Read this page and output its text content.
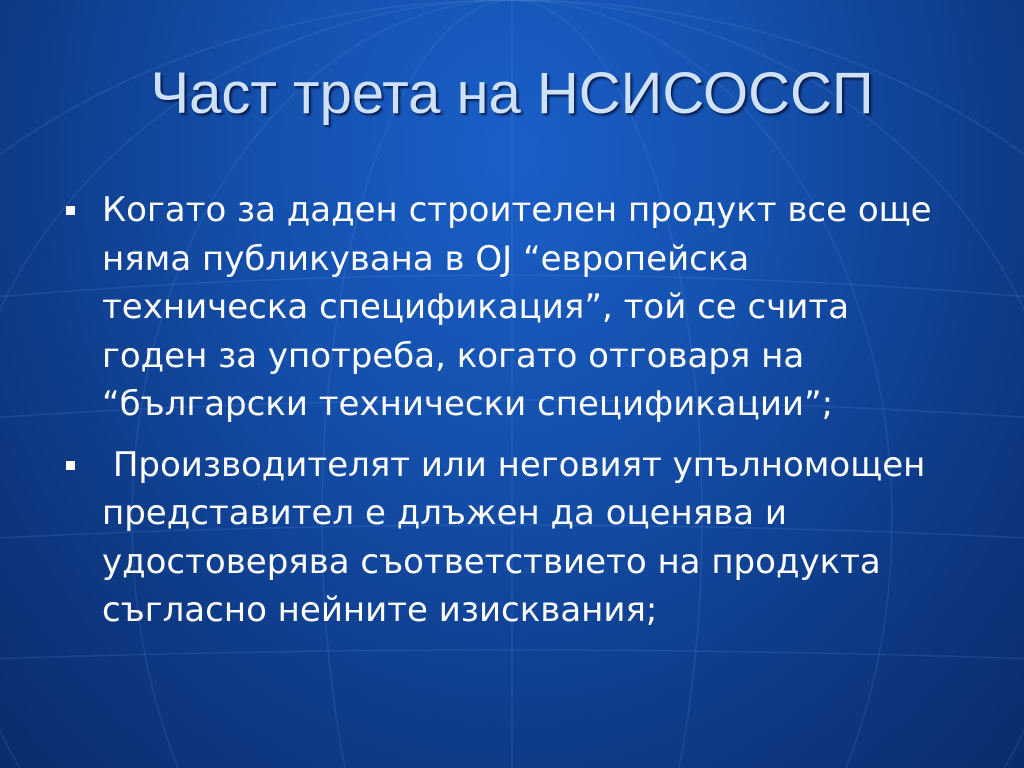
Част трета на НСИСОССП
Когато за даден строителен продукт все още няма публикувана в OJ “европейска техническа спецификация”, той се счита годен за употреба, когато отговаря на “български технически спецификации”;
Производителят или неговият упълномощен представител е длъжен да оценява и удостоверява съответствието на продукта съгласно нейните изисквания;
